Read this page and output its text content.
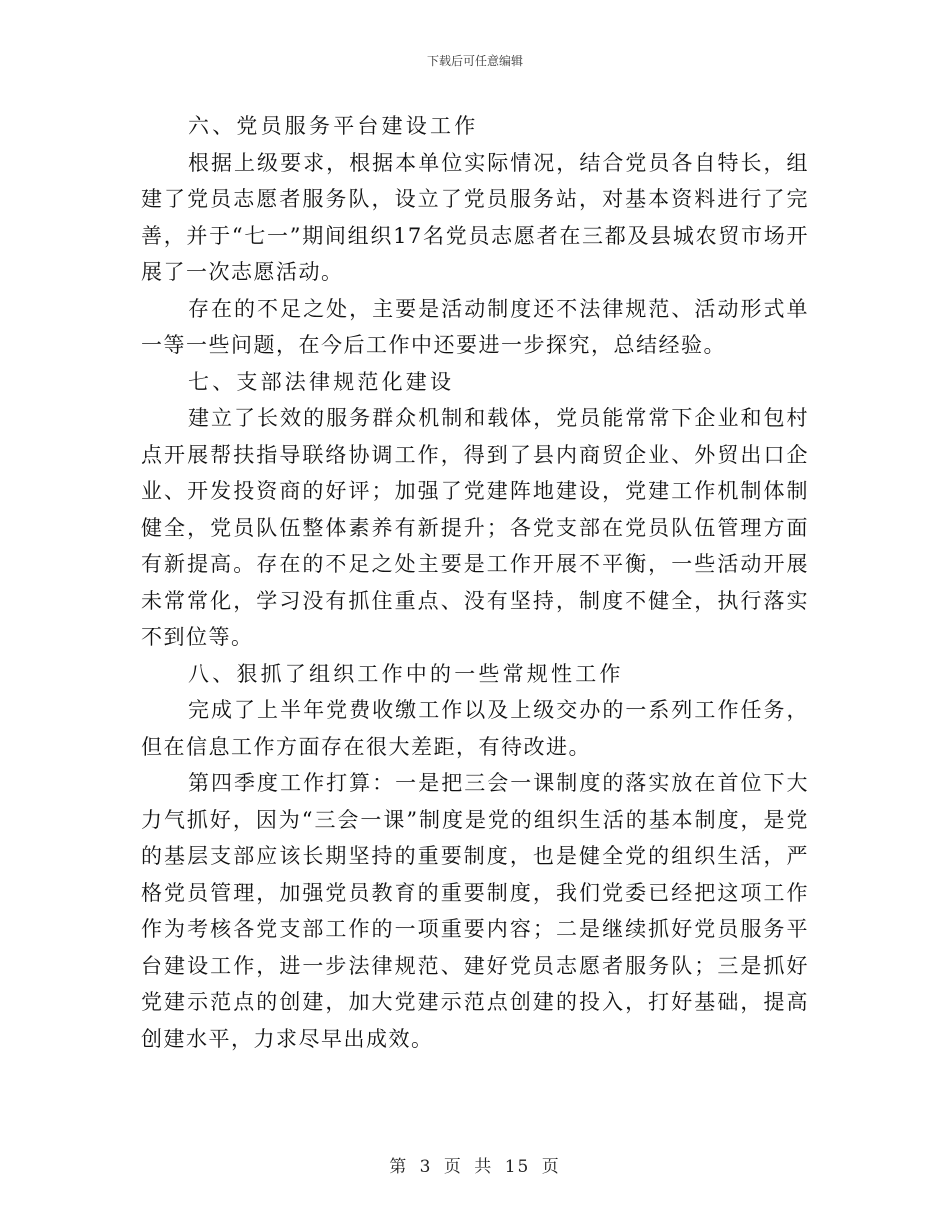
下载后可任意编辑

六、党员服务平台建设工作

根据上级要求，根据本单位实际情况，结合党员各自特长，组建了党员志愿者服务队，设立了党员服务站，对基本资料进行了完善，并于“七一”期间组织17名党员志愿者在三都及县城农贸市场开展了一次志愿活动。

存在的不足之处，主要是活动制度还不法律规范、活动形式单一等一些问题，在今后工作中还要进一步探究，总结经验。

七、支部法律规范化建设

建立了长效的服务群众机制和载体，党员能常常下企业和包村点开展帮扶指导联络协调工作，得到了县内商贸企业、外贸出口企业、开发投资商的好评；加强了党建阵地建设，党建工作机制体制健全，党员队伍整体素养有新提升；各党支部在党员队伍管理方面有新提高。存在的不足之处主要是工作开展不平衡，一些活动开展未常常化，学习没有抓住重点、没有坚持，制度不健全，执行落实不到位等。

八、狠抓了组织工作中的一些常规性工作

完成了上半年党费收缴工作以及上级交办的一系列工作任务，但在信息工作方面存在很大差距，有待改进。

第四季度工作打算：一是把三会一课制度的落实放在首位下大力气抓好，因为“三会一课”制度是党的组织生活的基本制度，是党的基层支部应该长期坚持的重要制度，也是健全党的组织生活，严格党员管理，加强党员教育的重要制度，我们党委已经把这项工作作为考核各党支部工作的一项重要内容；二是继续抓好党员服务平台建设工作，进一步法律规范、建好党员志愿者服务队；三是抓好党建示范点的创建，加大党建示范点创建的投入，打好基础，提高创建水平，力求尽早出成效。

第 3 页 共 15 页
